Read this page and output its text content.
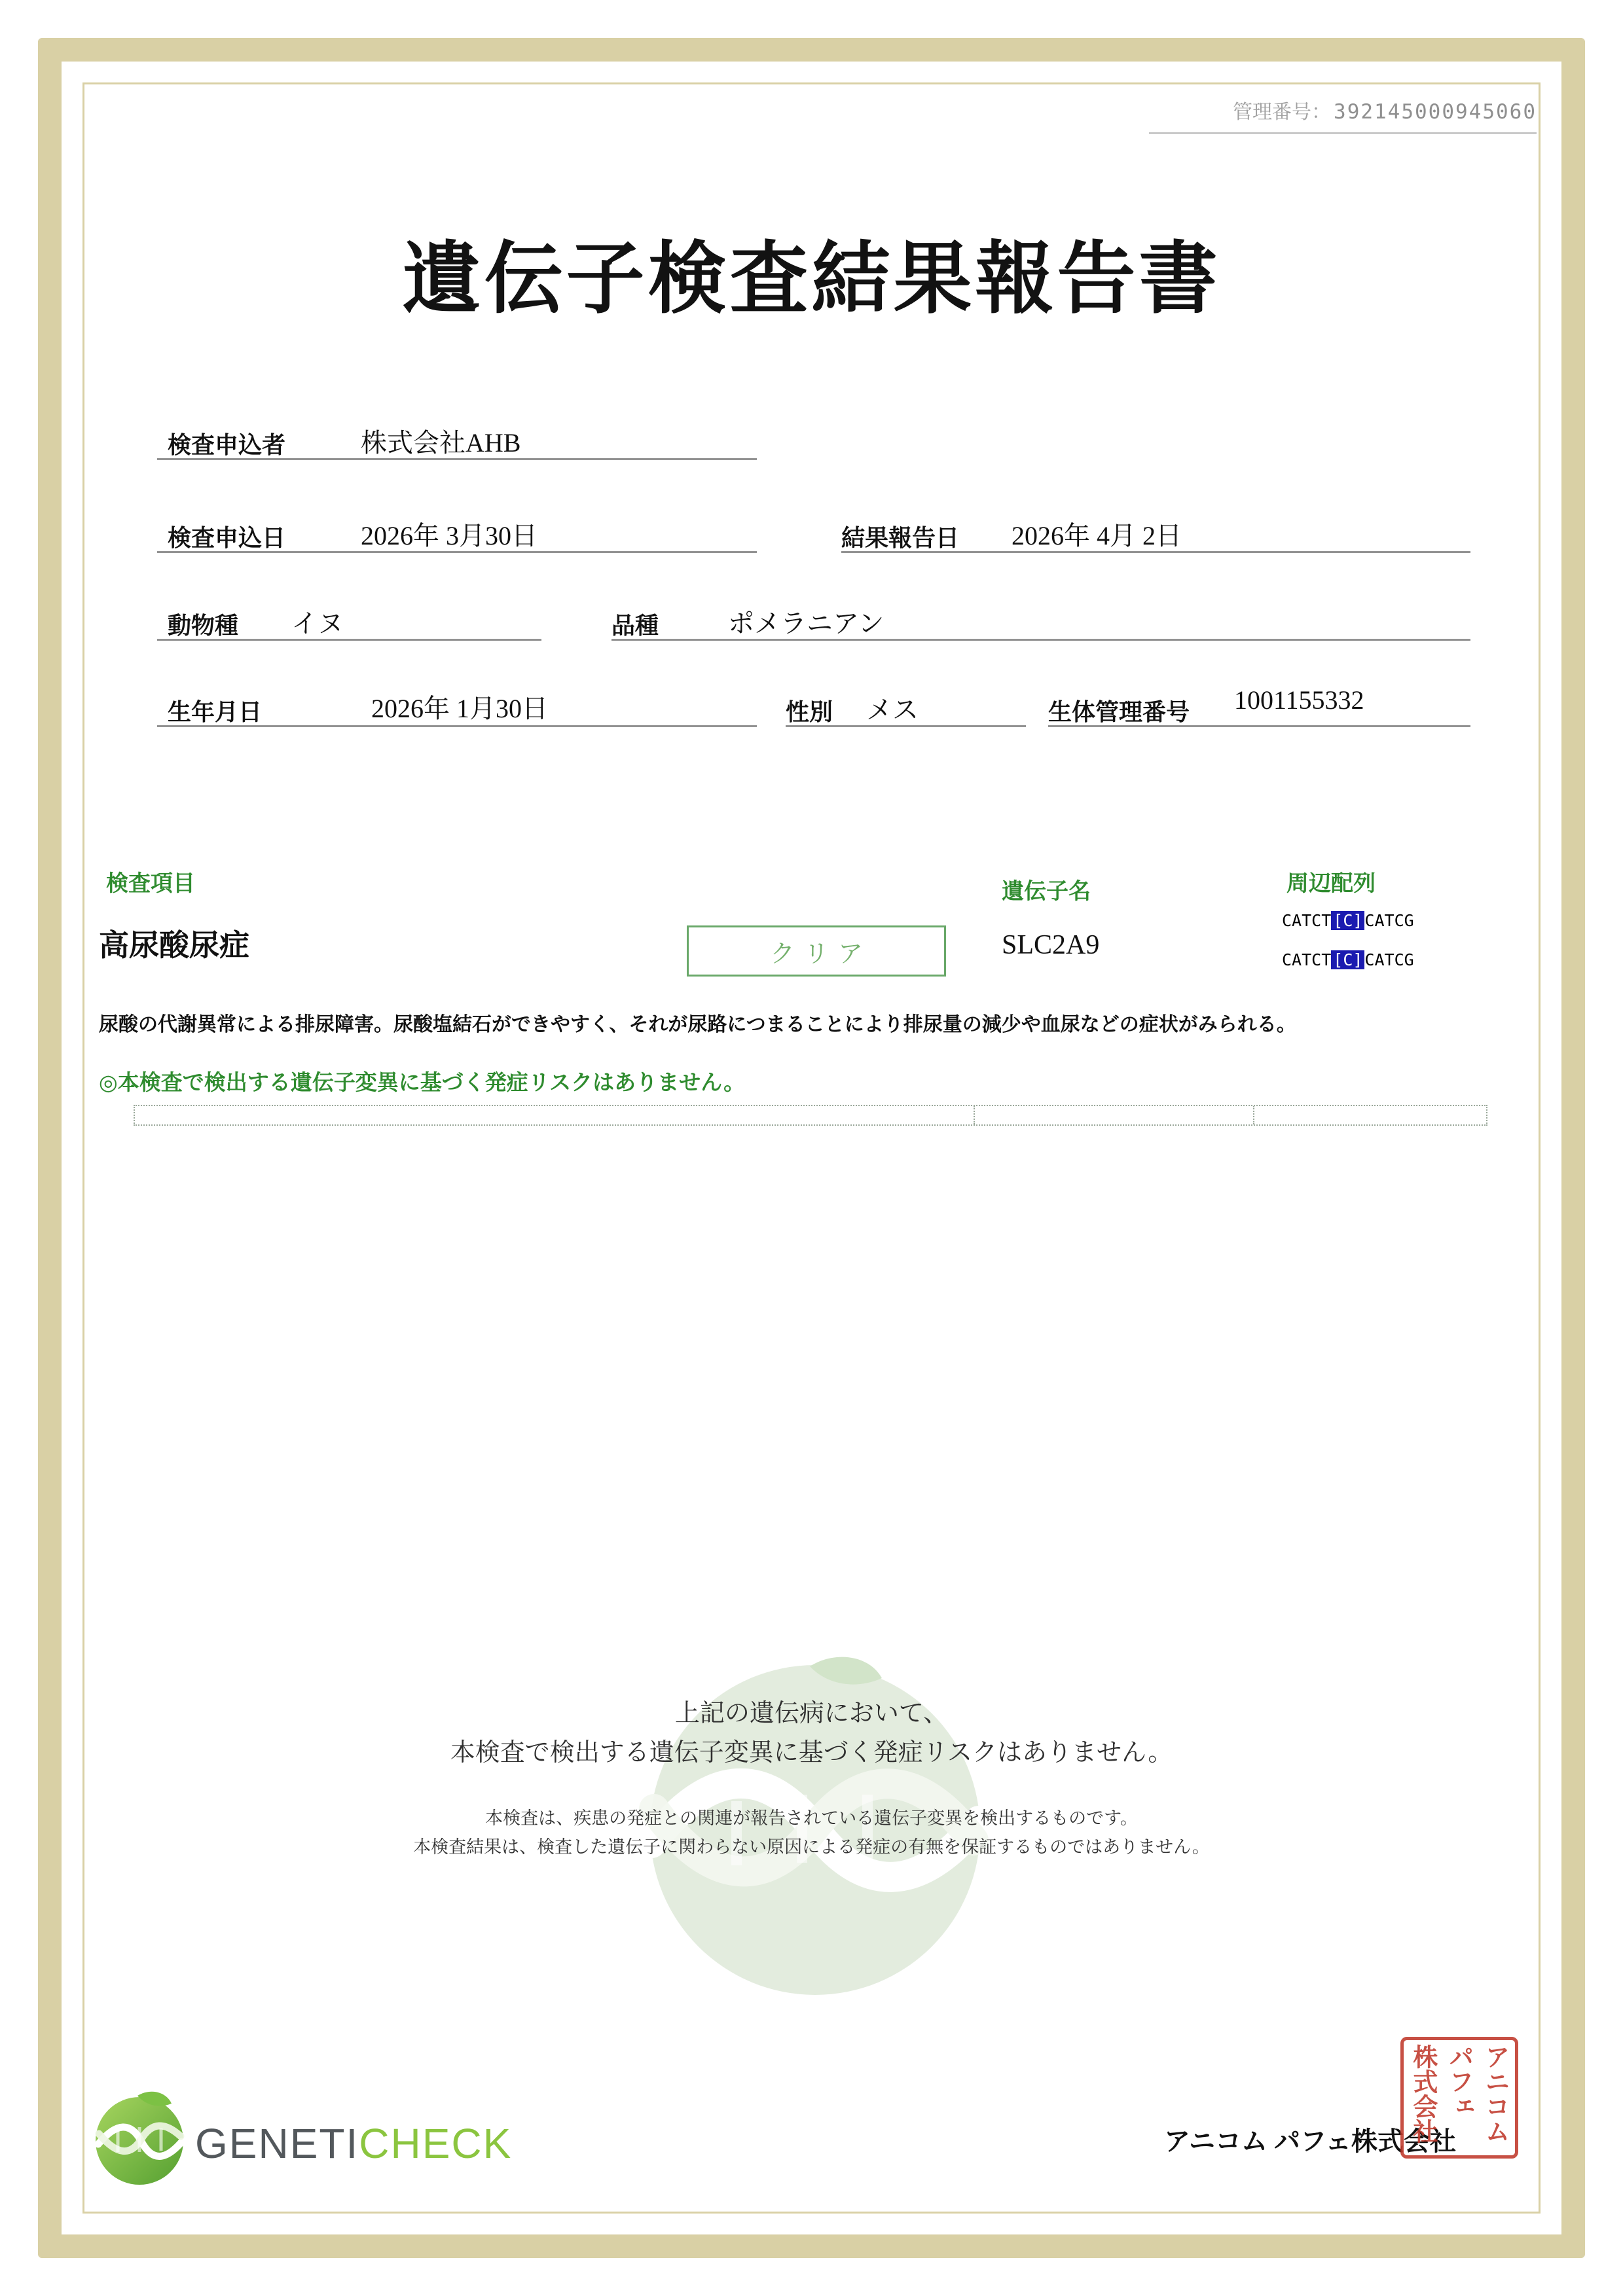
管理番号： 392145000945060
遺伝子検査結果報告書
検査申込者	株式会社AHB
検査申込日	2026年 3月30日	結果報告日 2026年 4月 2日
動物種 イヌ	品種	ポメラニアン
生年月日	2026年 1月30日	性別 メス	生体管理番号 1001155332
検査項目	遺伝子名	周辺配列
高尿酸尿症	クリア	SLC2A9
CATCT [C] CATCG
CATCT [C] CATCG

尿酸の代謝異常による排尿障害。尿酸塩結石ができやすく、それが尿路につまることにより排尿量の減少や血尿などの症状がみられる。

◎本検査で検出する遺伝子変異に基づく発症リスクはありません。

上記の遺伝病において、

本検査で検出する遺伝子変異に基づく発症リスクはありません。

本検査は、疾患の発症との関連が報告されている遺伝子変異を検出するものです。

本検査結果は、検査した遺伝子に関わらない原因による発症の有無を保証するものではありません。

GENETICHECK	アニコム パフェ株式会社 アニコム
パフェ
株式会社
